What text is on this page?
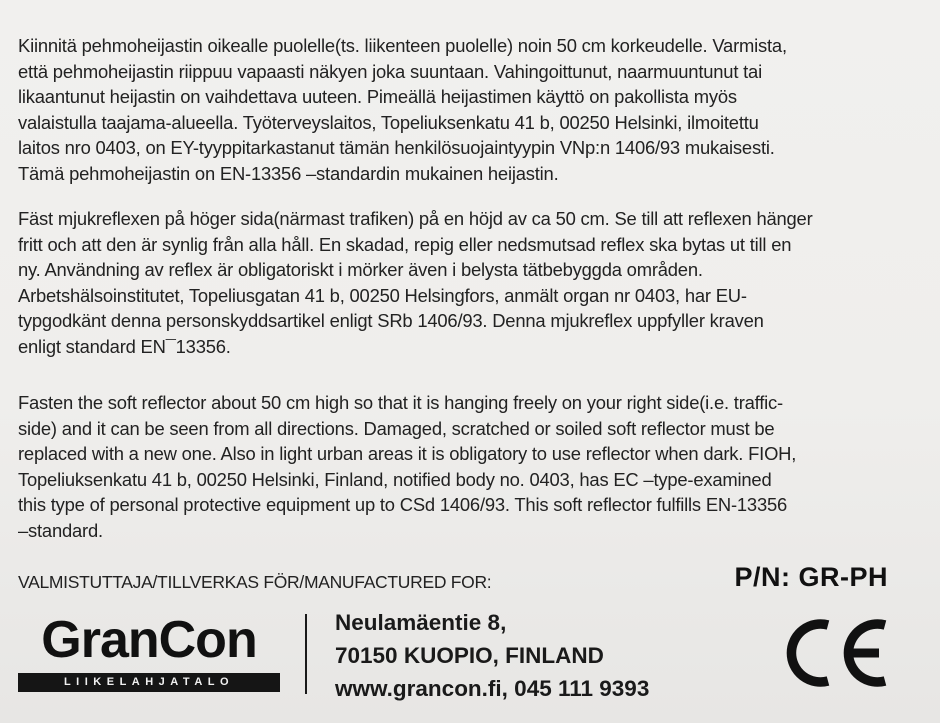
Kiinnitä pehmoheijastin oikealle puolelle(ts. liikenteen puolelle) noin 50 cm korkeudelle. Varmista,
että pehmoheijastin riippuu vapaasti näkyen joka suuntaan. Vahingoittunut, naarmuuntunut tai
likaantunut heijastin on vaihdettava uuteen. Pimeällä heijastimen käyttö on pakollista myös
valaistulla taajama-alueella. Työterveyslaitos, Topeliuksenkatu 41 b, 00250 Helsinki, ilmoitettu
laitos nro 0403, on EY-tyyppitarkastanut tämän henkilösuojaintyypin VNp:n 1406/93 mukaisesti.
Tämä pehmoheijastin on EN-13356 –standardin mukainen heijastin.
Fäst mjukreflexen på höger sida(närmast trafiken) på en höjd av ca 50 cm. Se till att reflexen hänger
fritt och att den är synlig från alla håll. En skadad, repig eller nedsmutsad reflex ska bytas ut till en
ny. Användning av reflex är obligatoriskt i mörker även i belysta tätbebyggda områden.
Arbetshälsoinstitutet, Topeliusgatan 41 b, 00250 Helsingfors, anmält organ nr 0403, har EU-
typgodkänt denna personskyddsartikel enligt SRb 1406/93. Denna mjukreflex uppfyller kraven
enligt standard EN¯13356.
Fasten the soft reflector about 50 cm high so that it is hanging freely on your right side(i.e. traffic-
side) and it can be seen from all directions. Damaged, scratched or soiled soft reflector must be
replaced with a new one. Also in light urban areas it is obligatory to use reflector when dark. FIOH,
Topeliuksenkatu 41 b, 00250 Helsinki, Finland, notified body no. 0403, has EC –type-examined
this type of personal protective equipment up to CSd 1406/93. This soft reflector fulfills EN-13356
–standard.
VALMISTUTTAJA/TILLVERKAS FÖR/MANUFACTURED FOR:	P/N: GR-PH
GranCon
LIIKELAHJATALO
Neulamäentie 8,
70150 KUOPIO, FINLAND
www.grancon.fi, 045 111 9393
